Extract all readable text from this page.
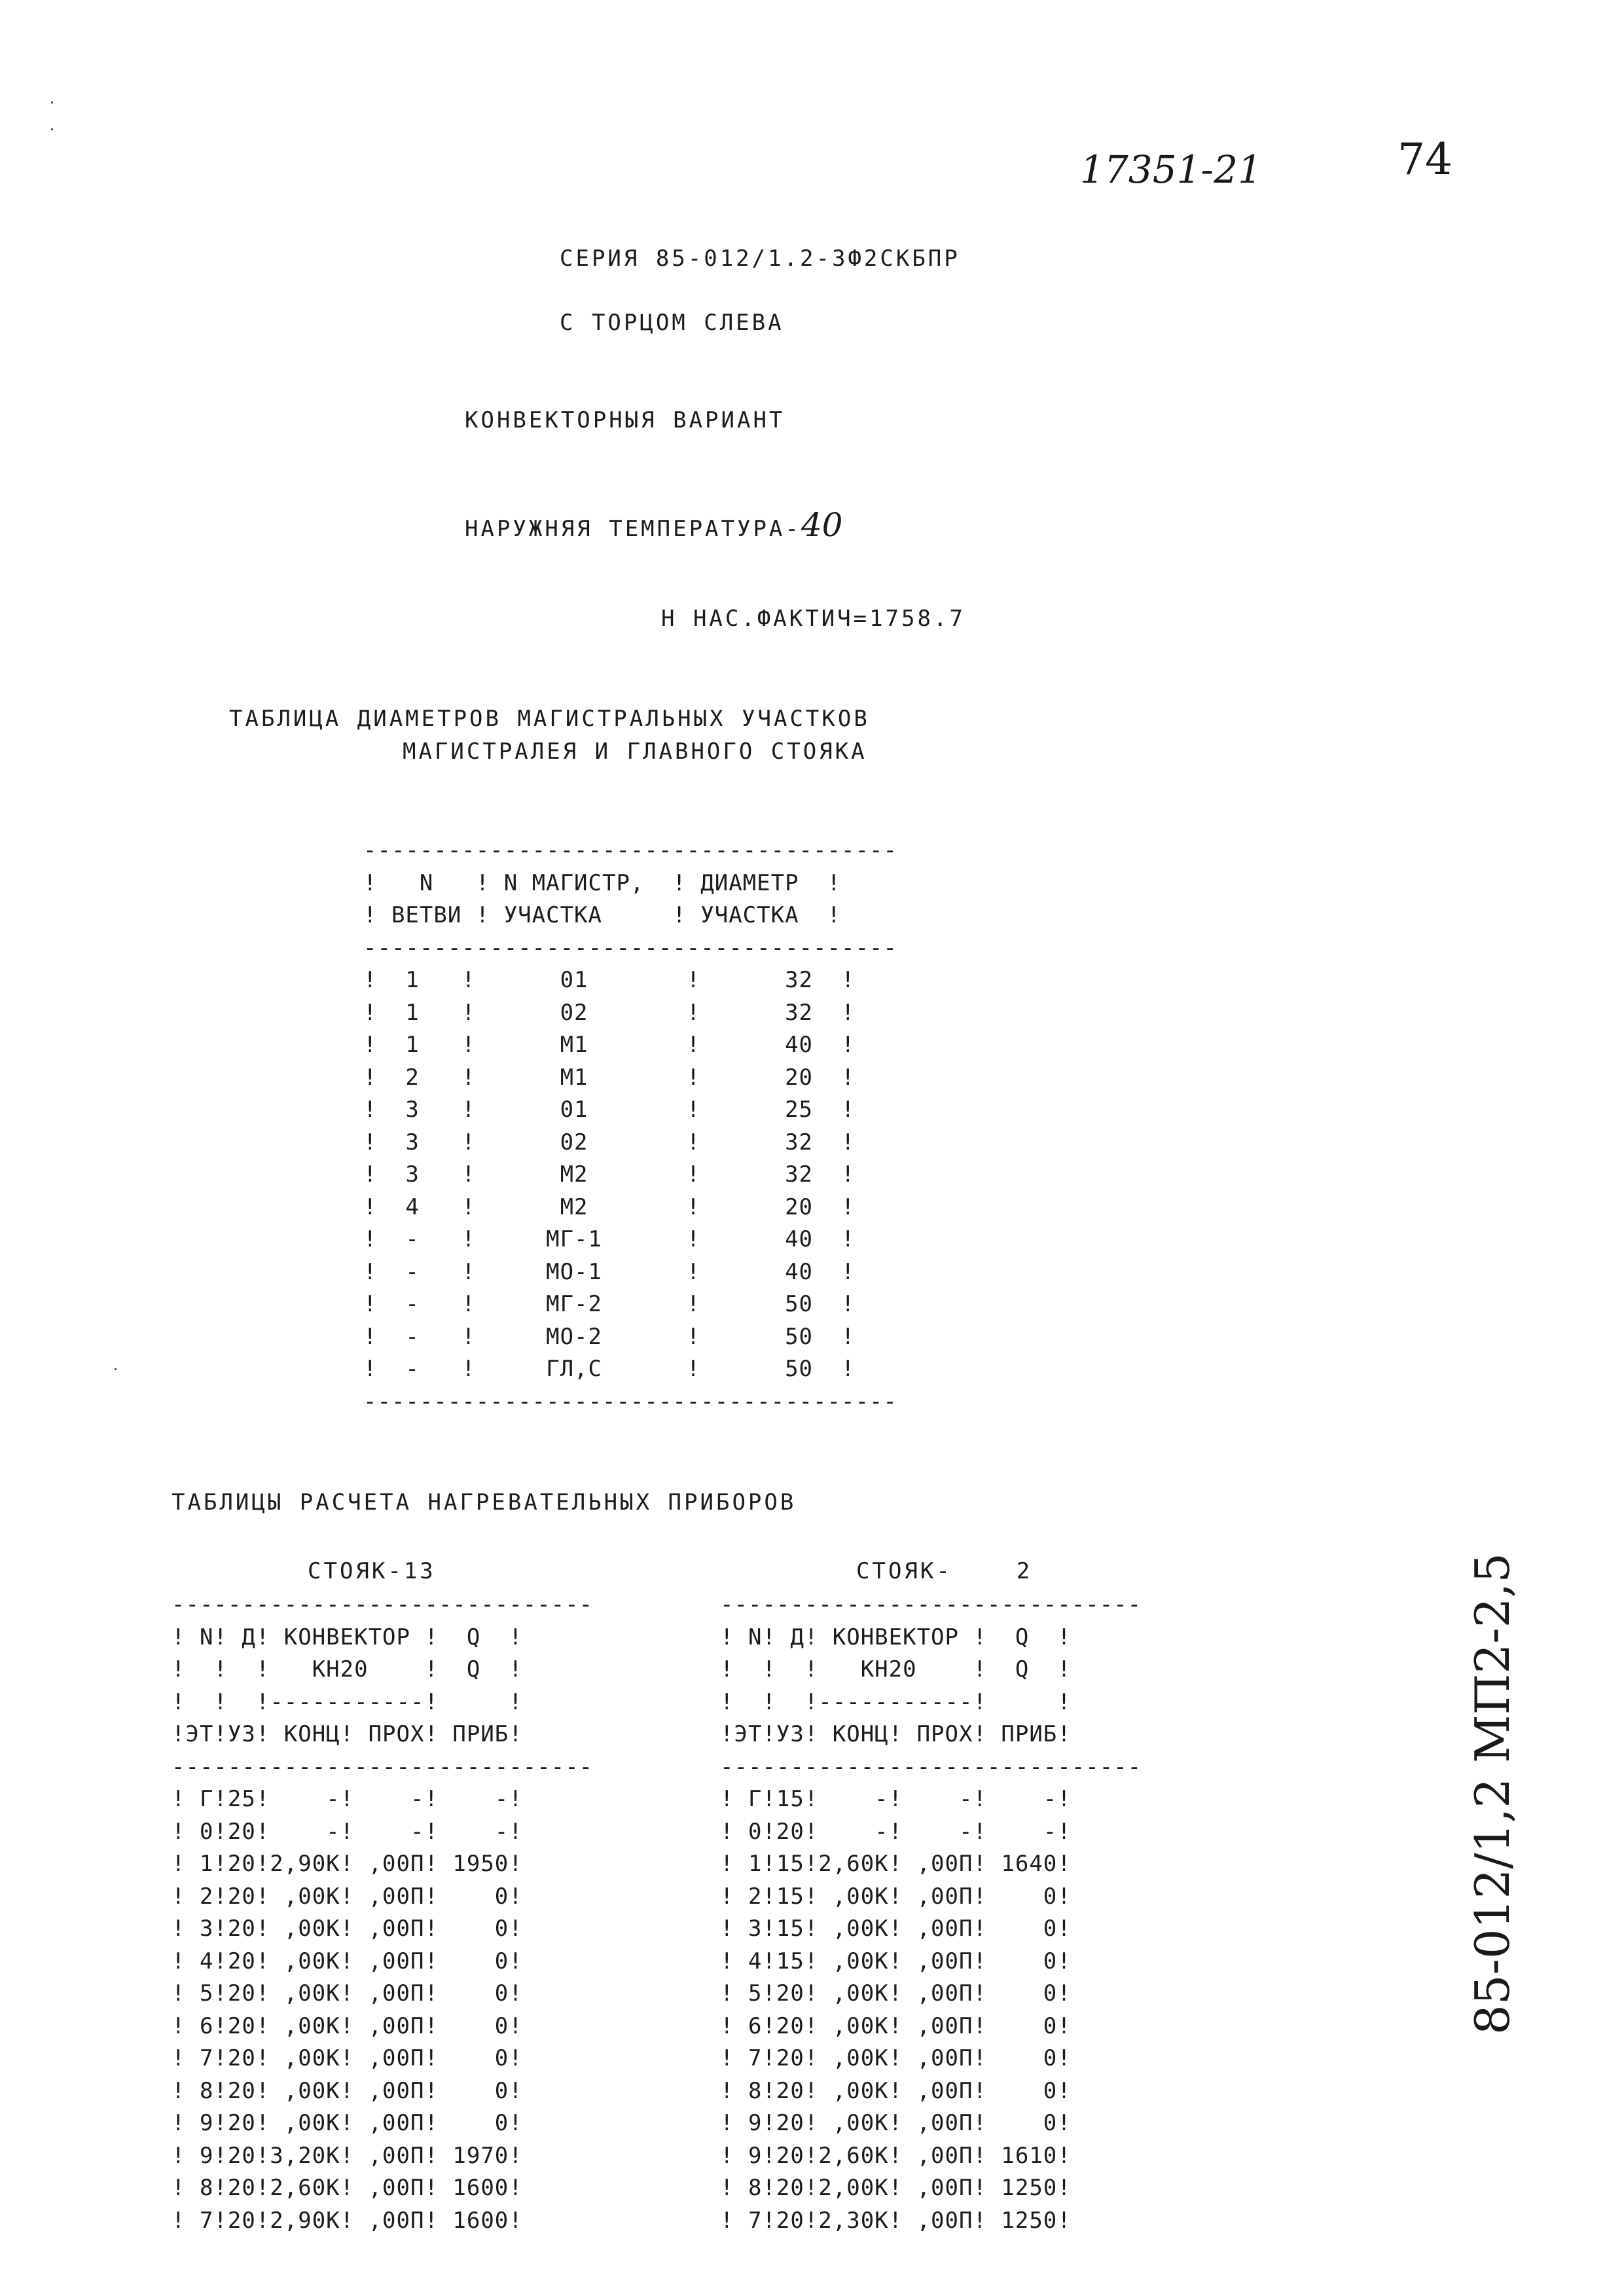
17351-21	74
СЕРИЯ 85-012/1.2-3Ф2СКБПР
С ТОРЦОМ СЛЕВА
КОНВЕКТОРНЫЯ ВАРИАНТ
НАРУЖНЯЯ ТЕМПЕРАТУРА-40
Н НАС.ФАКТИЧ=1758.7
ТАБЛИЦА ДИАМЕТРОВ МАГИСТРАЛЬНЫХ УЧАСТКОВ
МАГИСТРАЛЕЯ И ГЛАВНОГО СТОЯКА
--------------------------------------
!   N   ! N МАГИСТР,  ! ДИАМЕТР  !
! ВЕТВИ ! УЧАСТКА     ! УЧАСТКА  !
--------------------------------------
!  1   !      01       !      32  !
!  1   !      02       !      32  !
!  1   !      М1       !      40  !
!  2   !      М1       !      20  !
!  3   !      01       !      25  !
!  3   !      02       !      32  !
!  3   !      М2       !      32  !
!  4   !      М2       !      20  !
!  -   !     МГ-1      !      40  !
!  -   !     МО-1      !      40  !
!  -   !     МГ-2      !      50  !
!  -   !     МО-2      !      50  !
!  -   !     ГЛ,С      !      50  !
--------------------------------------
ТАБЛИЦЫ РАСЧЕТА НАГРЕВАТЕЛЬНЫХ ПРИБОРОВ
СТОЯК-13	СТОЯК-    2
------------------------------
! N! Д! КОНВЕКТОР !  Q  !
!  !  !   КН20    !  Q  !
!  !  !-----------!     !
!ЭТ!УЗ! КОНЦ! ПРОХ! ПРИБ!
------------------------------
! Г!25!    -!    -!    -!
! 0!20!    -!    -!    -!
! 1!20!2,90К! ,00П! 1950!
! 2!20! ,00К! ,00П!    0!
! 3!20! ,00К! ,00П!    0!
! 4!20! ,00К! ,00П!    0!
! 5!20! ,00К! ,00П!    0!
! 6!20! ,00К! ,00П!    0!
! 7!20! ,00К! ,00П!    0!
! 8!20! ,00К! ,00П!    0!
! 9!20! ,00К! ,00П!    0!
! 9!20!3,20К! ,00П! 1970!
! 8!20!2,60К! ,00П! 1600!
! 7!20!2,90К! ,00П! 1600!

------------------------------
! N! Д! КОНВЕКТОР !  Q  !
!  !  !   КН20    !  Q  !
!  !  !-----------!     !
!ЭТ!УЗ! КОНЦ! ПРОХ! ПРИБ!
------------------------------
! Г!15!    -!    -!    -!
! 0!20!    -!    -!    -!
! 1!15!2,60К! ,00П! 1640!
! 2!15! ,00К! ,00П!    0!
! 3!15! ,00К! ,00П!    0!
! 4!15! ,00К! ,00П!    0!
! 5!20! ,00К! ,00П!    0!
! 6!20! ,00К! ,00П!    0!
! 7!20! ,00К! ,00П!    0!
! 8!20! ,00К! ,00П!    0!
! 9!20! ,00К! ,00П!    0!
! 9!20!2,60К! ,00П! 1610!
! 8!20!2,00К! ,00П! 1250!
! 7!20!2,30К! ,00П! 1250!

85-012/1,2 МП2-2,5
